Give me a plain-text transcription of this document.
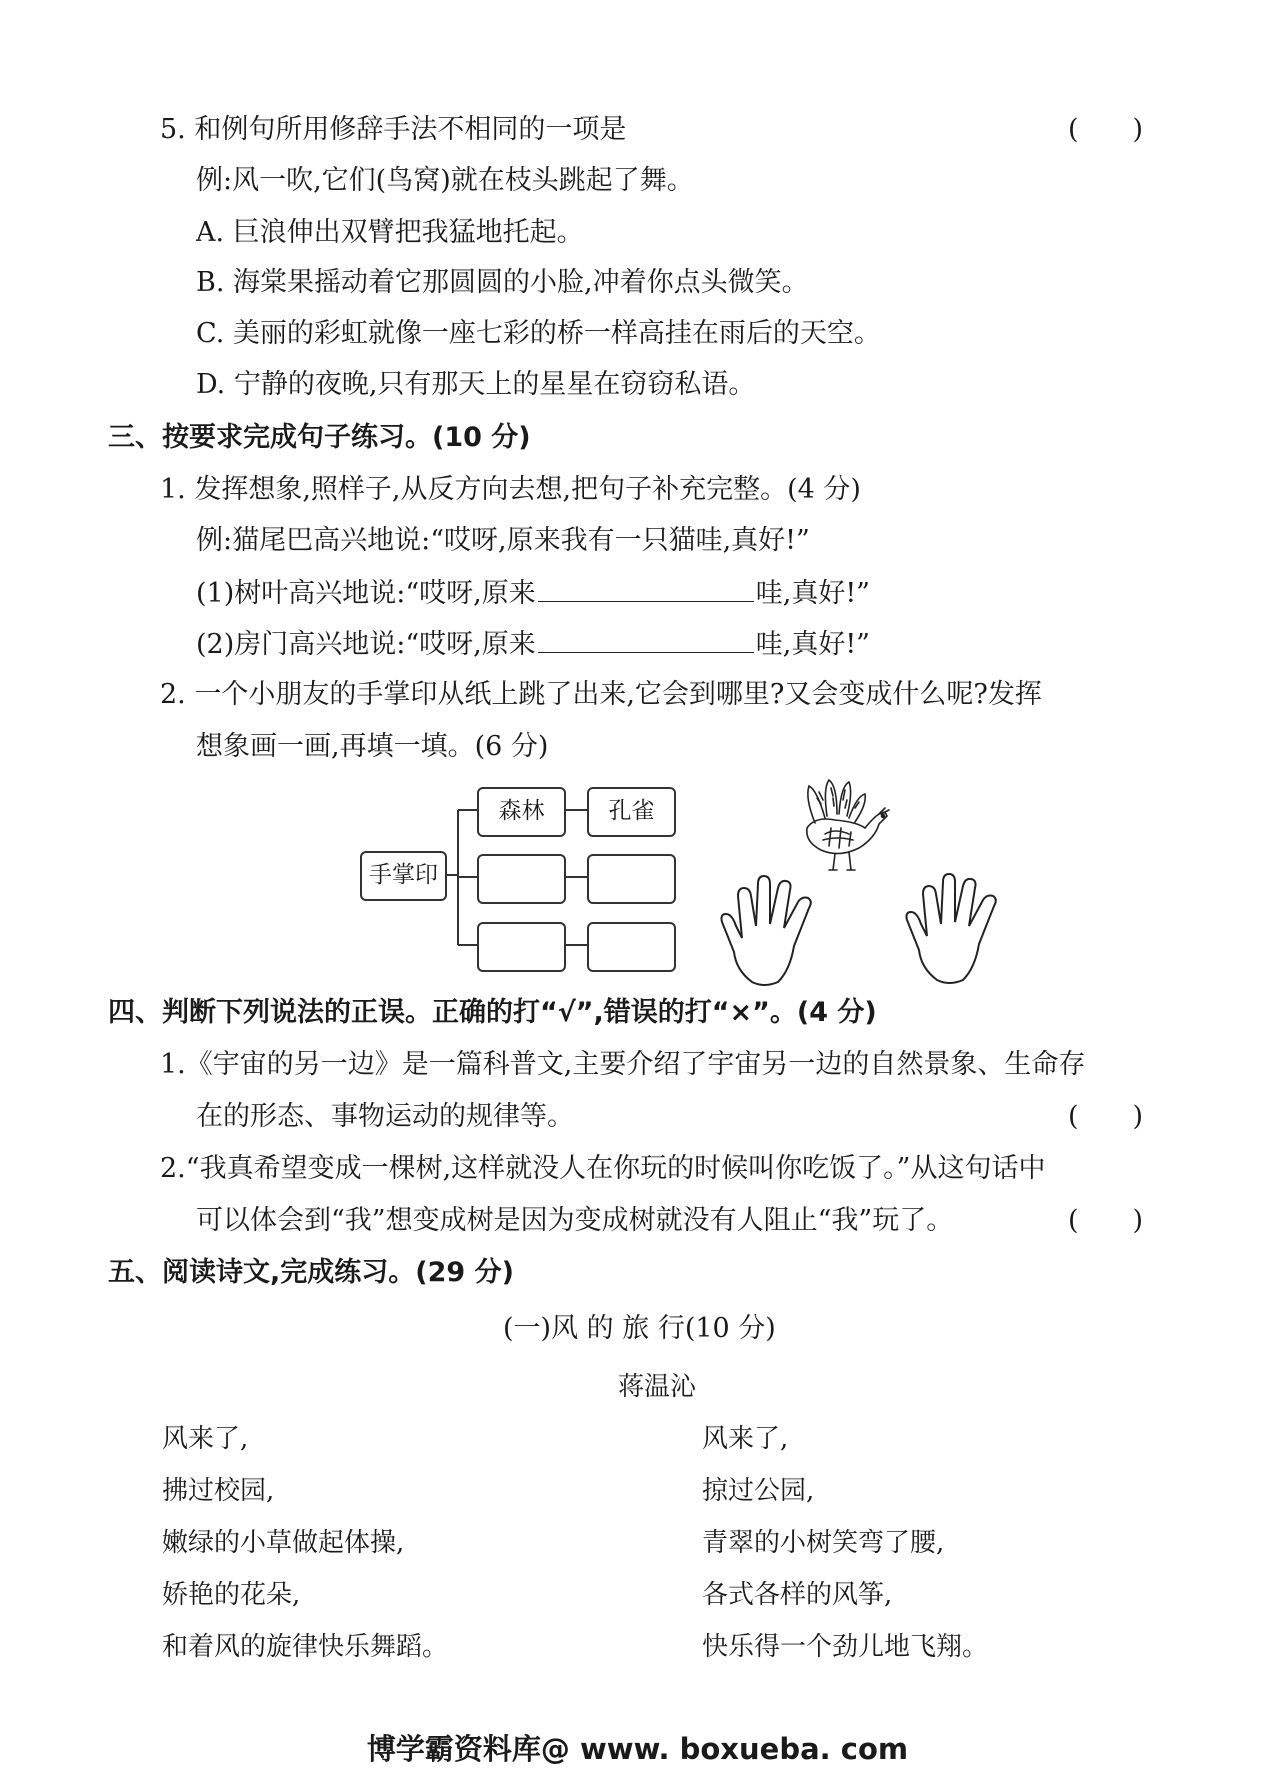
5. 和例句所用修辞手法不相同的一项是	(　　)
例:风一吹,它们(鸟窝)就在枝头跳起了舞。
A. 巨浪伸出双臂把我猛地托起。
B. 海棠果摇动着它那圆圆的小脸,冲着你点头微笑。
C. 美丽的彩虹就像一座七彩的桥一样高挂在雨后的天空。
D. 宁静的夜晚,只有那天上的星星在窃窃私语。
三、按要求完成句子练习。(10 分)
1. 发挥想象,照样子,从反方向去想,把句子补充完整。(4 分)
例:猫尾巴高兴地说:“哎呀,原来我有一只猫哇,真好!”
(1)树叶高兴地说:“哎呀,原来	哇,真好!”
(2)房门高兴地说:“哎呀,原来	哇,真好!”
2. 一个小朋友的手掌印从纸上跳了出来,它会到哪里?又会变成什么呢?发挥
想象画一画,再填一填。(6 分)
手掌印
森林	孔雀
四、判断下列说法的正误。正确的打“√”,错误的打“×”。(4 分)
1.《宇宙的另一边》是一篇科普文,主要介绍了宇宙另一边的自然景象、生命存
在的形态、事物运动的规律等。	(　　)
2.“我真希望变成一棵树,这样就没人在你玩的时候叫你吃饭了。”从这句话中
可以体会到“我”想变成树是因为变成树就没有人阻止“我”玩了。	(　　)
五、阅读诗文,完成练习。(29 分)
(一)风 的 旅 行(10 分)
蒋温沁
风来了,
拂过校园,
嫩绿的小草做起体操,
娇艳的花朵,
和着风的旋律快乐舞蹈。
风来了,
掠过公园,
青翠的小树笑弯了腰,
各式各样的风筝,
快乐得一个劲儿地飞翔。
博学霸资料库@ www. boxueba. com
